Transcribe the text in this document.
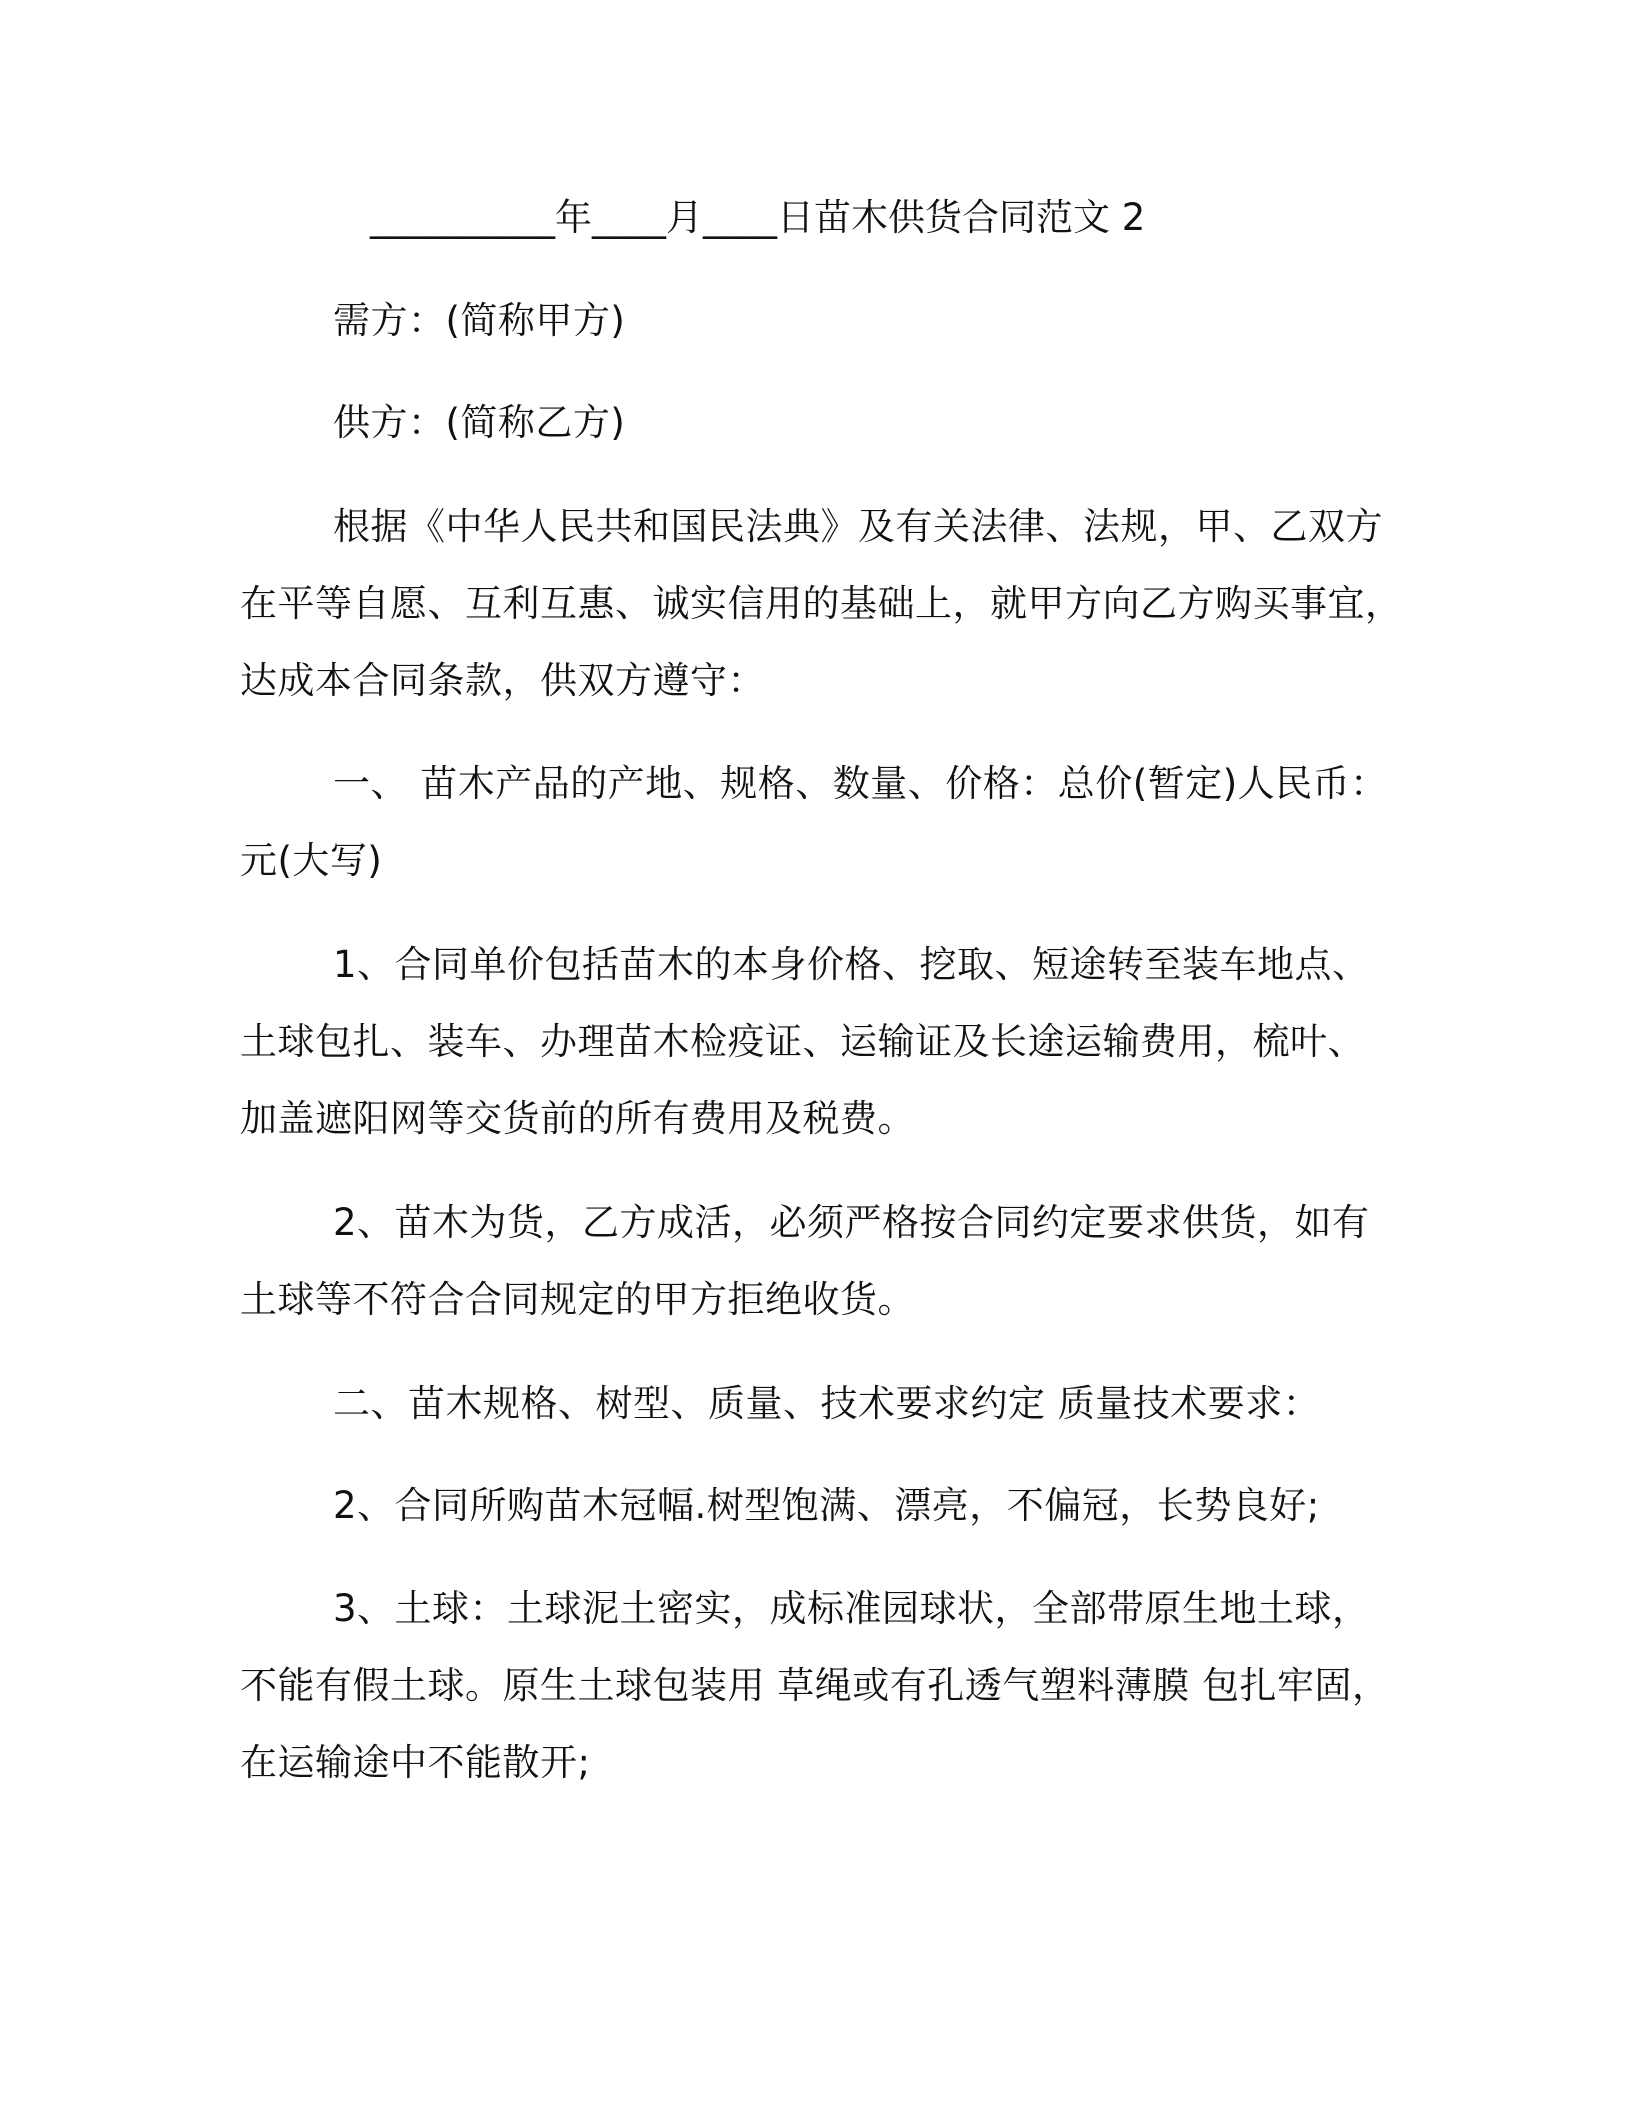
__________年____月____日苗木供货合同范文 2
需方：(简称甲方)
供方：(简称乙方)
根据《中华人民共和国民法典》及有关法律、法规，甲、乙双方
在平等自愿、互利互惠、诚实信用的基础上，就甲方向乙方购买事宜，
达成本合同条款，供双方遵守：
一、 苗木产品的产地、规格、数量、价格：总价(暂定)人民币：
元(大写)
1、合同单价包括苗木的本身价格、挖取、短途转至装车地点、
土球包扎、装车、办理苗木检疫证、运输证及长途运输费用，梳叶、
加盖遮阳网等交货前的所有费用及税费。
2、苗木为货，乙方成活，必须严格按合同约定要求供货，如有
土球等不符合合同规定的甲方拒绝收货。
二、苗木规格、树型、质量、技术要求约定 质量技术要求：
2、合同所购苗木冠幅.树型饱满、漂亮，不偏冠，长势良好;
3、土球：土球泥土密实，成标准园球状，全部带原生地土球，
不能有假土球。原生土球包装用 草绳或有孔透气塑料薄膜 包扎牢固，
在运输途中不能散开;
